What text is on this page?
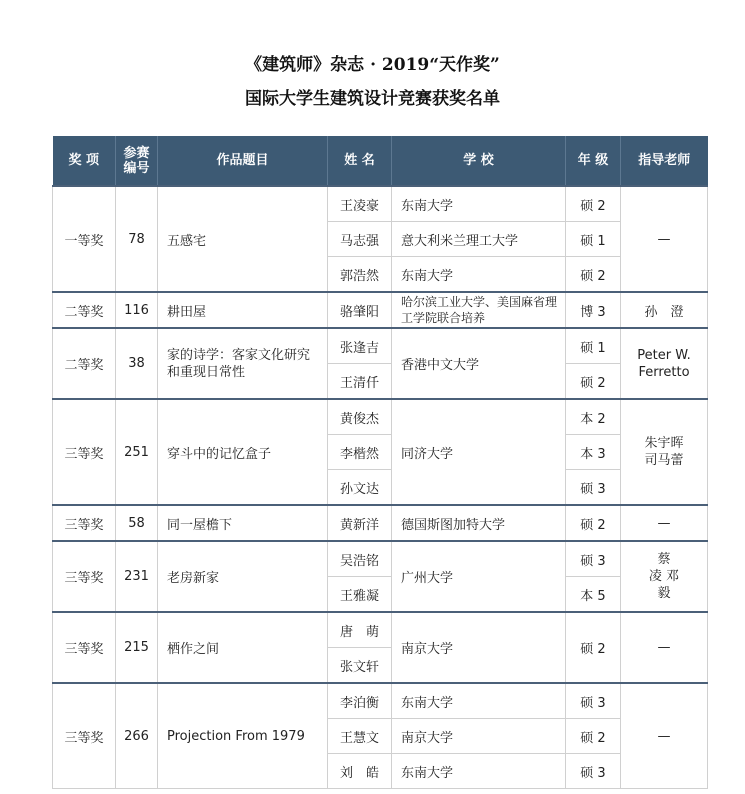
《建筑师》杂志 · 2019“天作奖”
国际大学生建筑设计竞赛获奖名单
奖 项	参赛编号	作品题目	姓 名	学 校	年 级	指导老师
一等奖	78	五感宅	王凌豪	东南大学	硕 2	—
			马志强	意大利米兰理工大学	硕 1	
			郭浩然	东南大学	硕 2	
二等奖	116	耕田屋	骆肇阳	哈尔滨工业大学、美国麻省理工学院联合培养	博 3	孙　澄
二等奖	38	家的诗学：客家文化研究和重现日常性	张逢吉	香港中文大学	硕 1	Peter W. Ferretto
			王清仟		硕 2	
三等奖	251	穿斗中的记忆盒子	黄俊杰	同济大学	本 2	朱宇晖 司马蕾
			李楷然		本 3	
			孙文达		硕 3	
三等奖	58	同一屋檐下	黄新洋	德国斯图加特大学	硕 2	—
三等奖	231	老房新家	吴浩铭	广州大学	硕 3	蔡　凌 邓　毅
			王雅凝		本 5	
三等奖	215	栖作之间	唐　萌	南京大学	硕 2	—
			张文轩			
三等奖	266	Projection From 1979	李泊衡	东南大学	硕 3	—
			王慧文	南京大学	硕 2	
			刘　皓	东南大学	硕 3	
